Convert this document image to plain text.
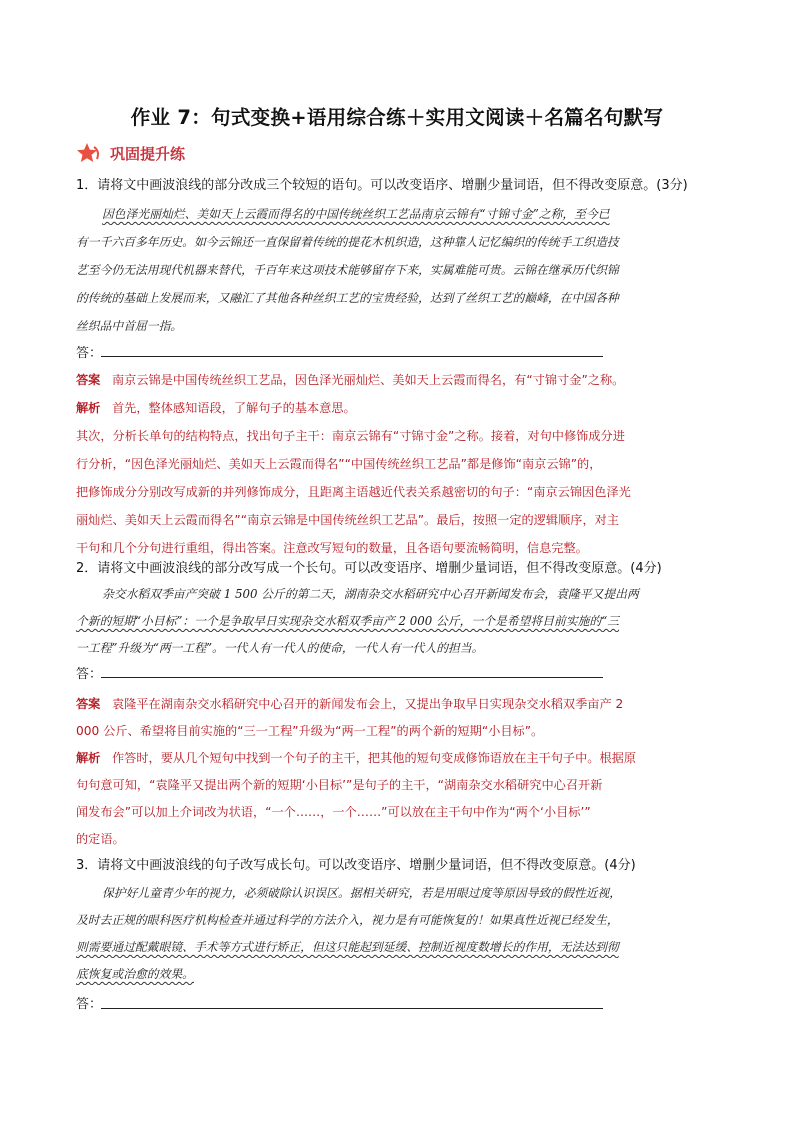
作业 7：句式变换+语用综合练＋实用文阅读＋名篇名句默写
巩固提升练
1．请将文中画波浪线的部分改成三个较短的语句。可以改变语序、增删少量词语，但不得改变原意。(3分)
因色泽光丽灿烂、美如天上云霞而得名的中国传统丝织工艺品南京云锦有“寸锦寸金”之称，至今已
有一千六百多年历史。如今云锦还一直保留着传统的提花木机织造，这种靠人记忆编织的传统手工织造技
艺至今仍无法用现代机器来替代，千百年来这项技术能够留存下来，实属难能可贵。云锦在继承历代织锦
的传统的基础上发展而来，又融汇了其他各种丝织工艺的宝贵经验，达到了丝织工艺的巅峰，在中国各种
丝织品中首屈一指。
答：
答案 南京云锦是中国传统丝织工艺品，因色泽光丽灿烂、美如天上云霞而得名，有“寸锦寸金”之称。
解析 首先，整体感知语段，了解句子的基本意思。
其次，分析长单句的结构特点，找出句子主干：南京云锦有“寸锦寸金”之称。接着，对句中修饰成分进
行分析，“因色泽光丽灿烂、美如天上云霞而得名”“中国传统丝织工艺品”都是修饰“南京云锦”的，
把修饰成分分别改写成新的并列修饰成分，且距离主语越近代表关系越密切的句子：“南京云锦因色泽光
丽灿烂、美如天上云霞而得名”“南京云锦是中国传统丝织工艺品”。最后，按照一定的逻辑顺序，对主
干句和几个分句进行重组，得出答案。注意改写短句的数量，且各语句要流畅简明，信息完整。
2．请将文中画波浪线的部分改写成一个长句。可以改变语序、增删少量词语，但不得改变原意。(4分)
杂交水稻双季亩产突破 1 500 公斤的第二天，湖南杂交水稻研究中心召开新闻发布会，袁隆平又提出两
个新的短期“小目标”：一个是争取早日实现杂交水稻双季亩产 2 000 公斤，一个是希望将目前实施的“三
一工程”升级为“两一工程”。一代人有一代人的使命，一代人有一代人的担当。
答：
答案 袁隆平在湖南杂交水稻研究中心召开的新闻发布会上，又提出争取早日实现杂交水稻双季亩产 2
000 公斤、希望将目前实施的“三一工程”升级为“两一工程”的两个新的短期“小目标”。
解析 作答时，要从几个短句中找到一个句子的主干，把其他的短句变成修饰语放在主干句子中。根据原
句句意可知，“袁隆平又提出两个新的短期‘小目标’”是句子的主干，“湖南杂交水稻研究中心召开新
闻发布会”可以加上介词改为状语，“一个……，一个……”可以放在主干句中作为“两个‘小目标’”
的定语。
3．请将文中画波浪线的句子改写成长句。可以改变语序、增删少量词语，但不得改变原意。(4分)
保护好儿童青少年的视力，必须破除认识误区。据相关研究，若是用眼过度等原因导致的假性近视，
及时去正规的眼科医疗机构检查并通过科学的方法介入，视力是有可能恢复的！如果真性近视已经发生，
则需要通过配戴眼镜、手术等方式进行矫正，但这只能起到延缓、控制近视度数增长的作用，无法达到彻
底恢复或治愈的效果。
答：
